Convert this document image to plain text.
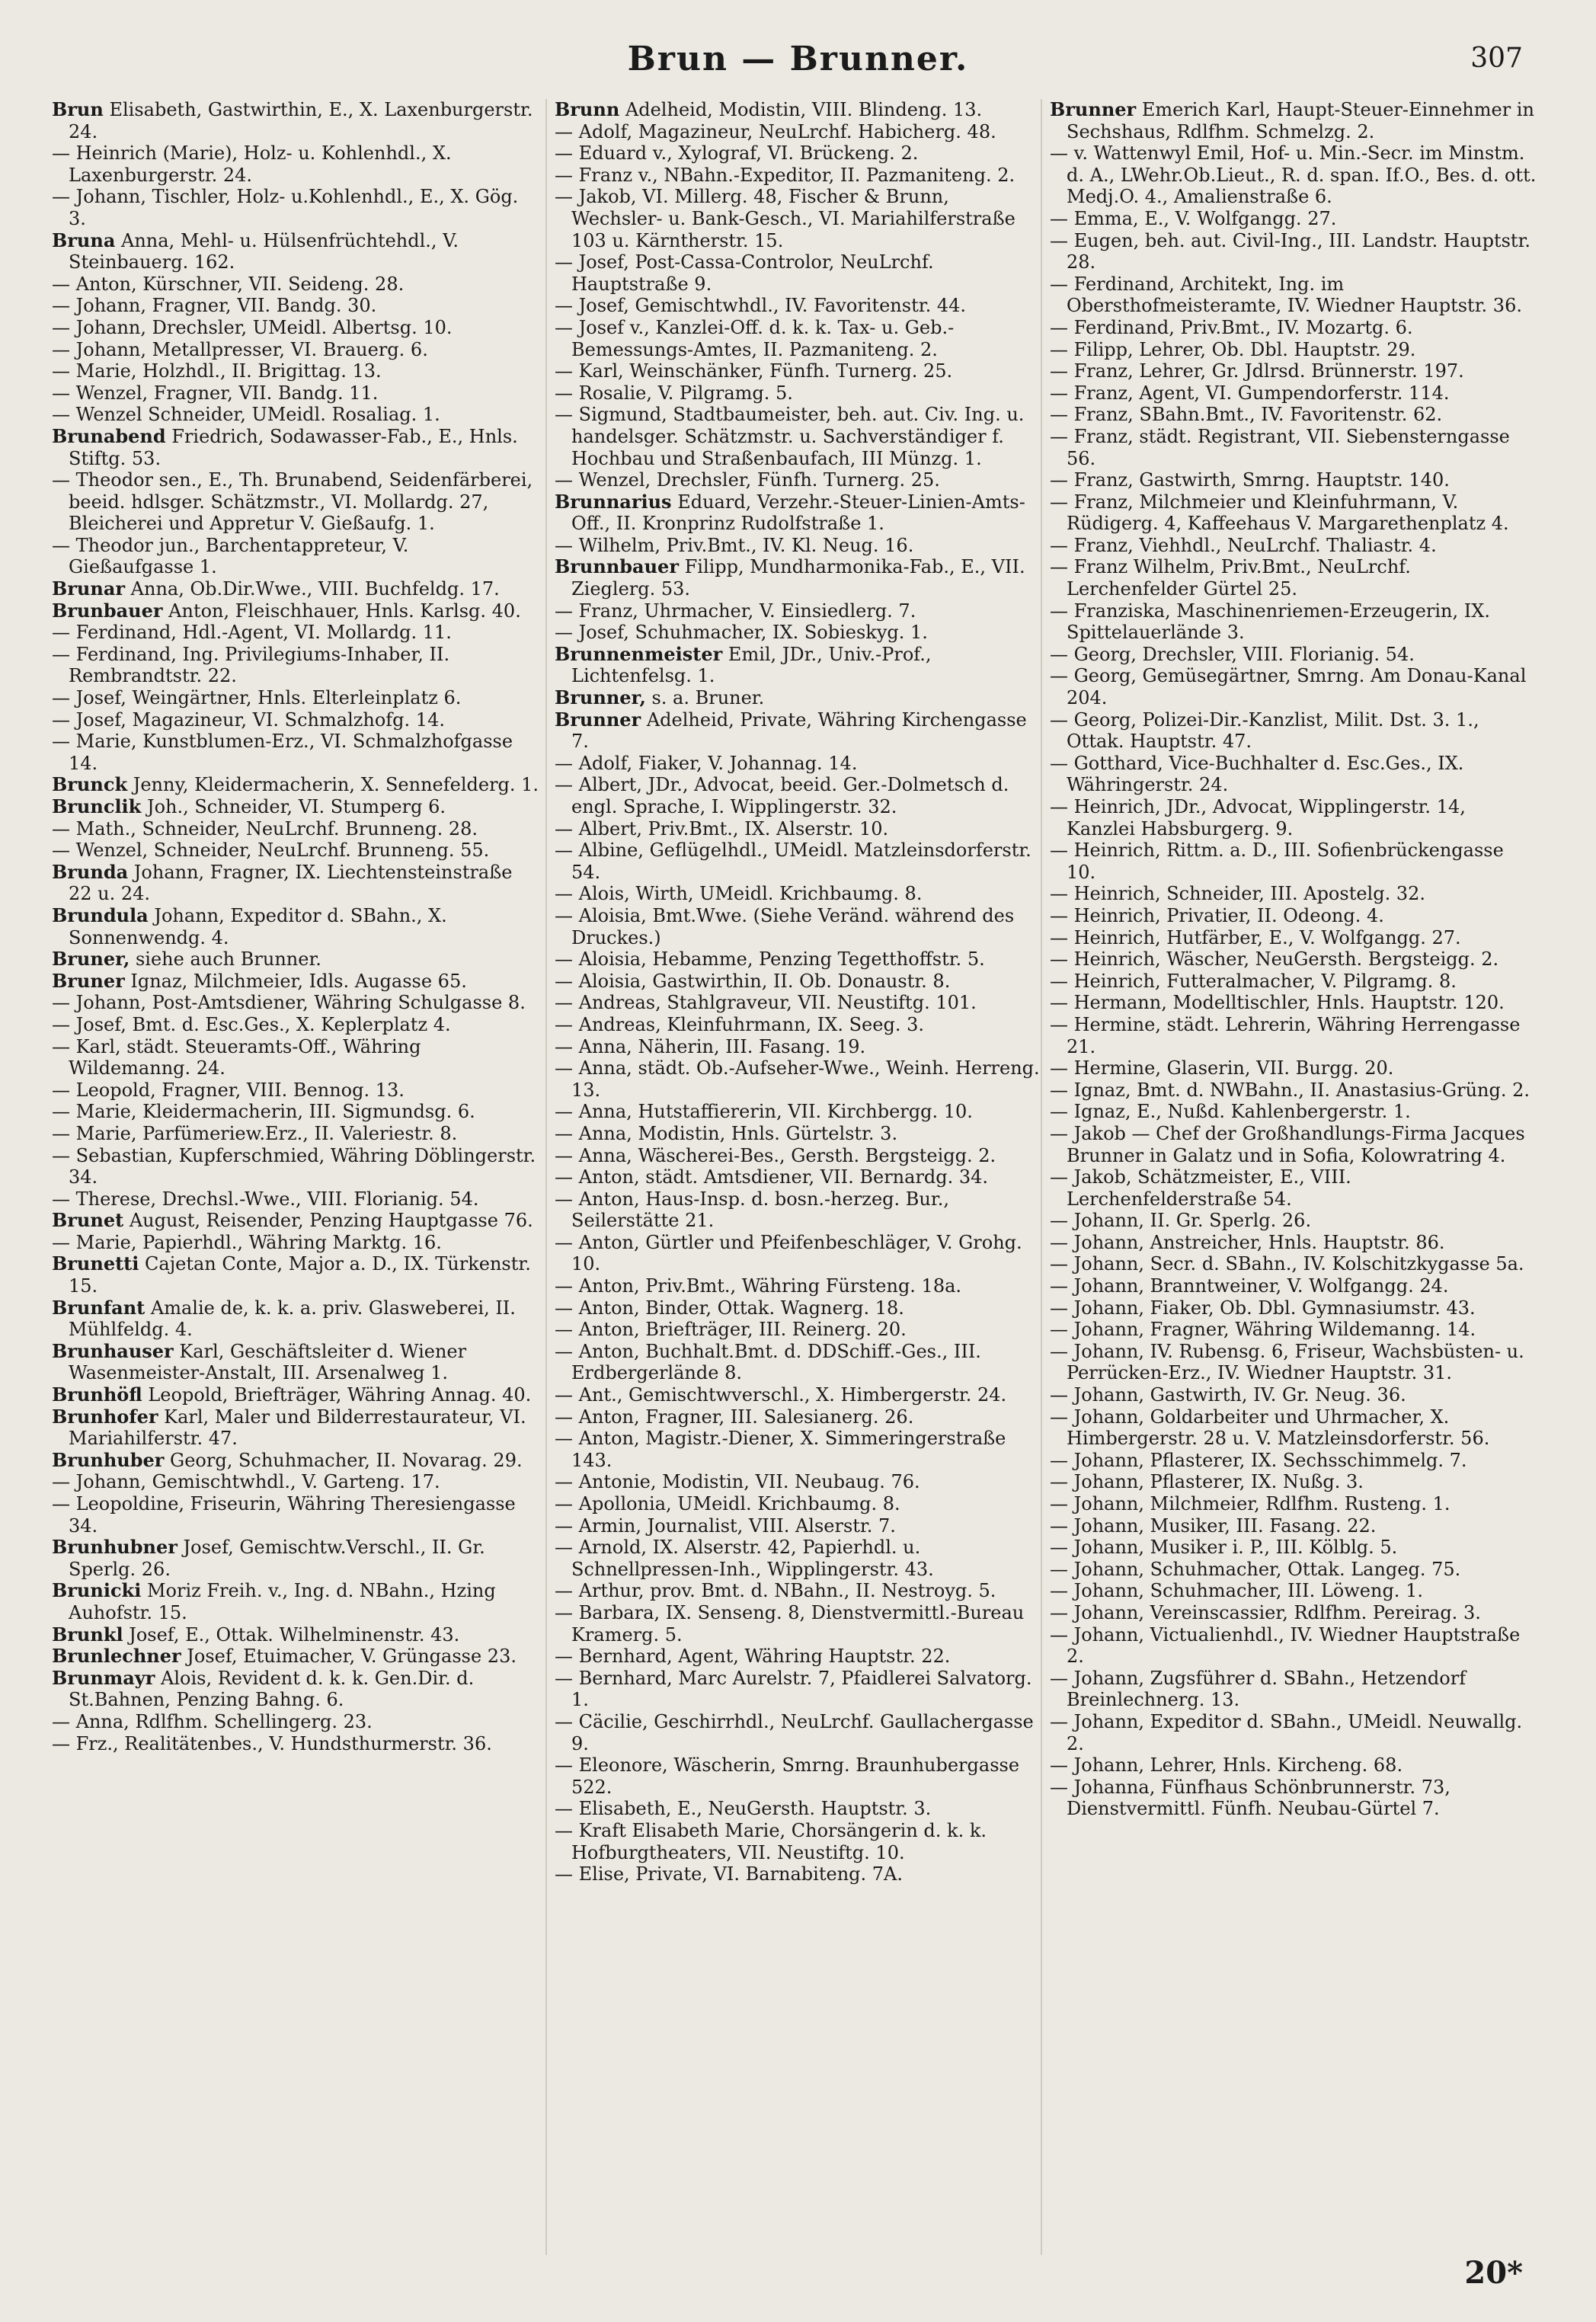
Brun — Brunner.	307

Brun Elisabeth, Gastwirthin, E., X. Laxenburgerstr. 24.

— Heinrich (Marie), Holz- u. Kohlenhdl., X. Laxenburgerstr. 24.

— Johann, Tischler, Holz- u.Kohlenhdl., E., X. Gög. 3.

Bruna Anna, Mehl- u. Hülsenfrüchtehdl., V. Steinbauerg. 162.

— Anton, Kürschner, VII. Seideng. 28.

— Johann, Fragner, VII. Bandg. 30.

— Johann, Drechsler, UMeidl. Albertsg. 10.

— Johann, Metallpresser, VI. Brauerg. 6.

— Marie, Holzhdl., II. Brigittag. 13.

— Wenzel, Fragner, VII. Bandg. 11.

— Wenzel Schneider, UMeidl. Rosaliag. 1.

Brunabend Friedrich, Sodawasser-Fab., E., Hnls. Stiftg. 53.

— Theodor sen., E., Th. Brunabend, Seidenfärberei, beeid. hdlsger. Schätzmstr., VI. Mollardg. 27, Bleicherei und Appretur V. Gießaufg. 1.

— Theodor jun., Barchentappreteur, V. Gießaufgasse 1.

Brunar Anna, Ob.Dir.Wwe., VIII. Buchfeldg. 17.

Brunbauer Anton, Fleischhauer, Hnls. Karlsg. 40.

— Ferdinand, Hdl.-Agent, VI. Mollardg. 11.

— Ferdinand, Ing. Privilegiums-Inhaber, II. Rembrandtstr. 22.

— Josef, Weingärtner, Hnls. Elterleinplatz 6.

— Josef, Magazineur, VI. Schmalzhofg. 14.

— Marie, Kunstblumen-Erz., VI. Schmalzhofgasse 14.

Brunck Jenny, Kleidermacherin, X. Sennefelderg. 1.

Brunclik Joh., Schneider, VI. Stumperg 6.

— Math., Schneider, NeuLrchf. Brunneng. 28.

— Wenzel, Schneider, NeuLrchf. Brunneng. 55.

Brunda Johann, Fragner, IX. Liechtensteinstraße 22 u. 24.

Brundula Johann, Expeditor d. SBahn., X. Sonnenwendg. 4.

Bruner, siehe auch Brunner.

Bruner Ignaz, Milchmeier, Idls. Augasse 65.

— Johann, Post-Amtsdiener, Währing Schulgasse 8.

— Josef, Bmt. d. Esc.Ges., X. Keplerplatz 4.

— Karl, städt. Steueramts-Off., Währing Wildemanng. 24.

— Leopold, Fragner, VIII. Bennog. 13.

— Marie, Kleidermacherin, III. Sigmundsg. 6.

— Marie, Parfümeriew.Erz., II. Valeriestr. 8.

— Sebastian, Kupferschmied, Währing Döblingerstr. 34.

— Therese, Drechsl.-Wwe., VIII. Florianig. 54.

Brunet August, Reisender, Penzing Hauptgasse 76.

— Marie, Papierhdl., Währing Marktg. 16.

Brunetti Cajetan Conte, Major a. D., IX. Türkenstr. 15.

Brunfant Amalie de, k. k. a. priv. Glasweberei, II. Mühlfeldg. 4.

Brunhauser Karl, Geschäftsleiter d. Wiener Wasenmeister-Anstalt, III. Arsenalweg 1.

Brunhöfl Leopold, Briefträger, Währing Annag. 40.

Brunhofer Karl, Maler und Bilderrestaurateur, VI. Mariahilferstr. 47.

Brunhuber Georg, Schuhmacher, II. Novarag. 29.

— Johann, Gemischtwhdl., V. Garteng. 17.

— Leopoldine, Friseurin, Währing Theresiengasse 34.

Brunhubner Josef, Gemischtw.Verschl., II. Gr. Sperlg. 26.

Brunicki Moriz Freih. v., Ing. d. NBahn., Hzing Auhofstr. 15.

Brunkl Josef, E., Ottak. Wilhelminenstr. 43.

Brunlechner Josef, Etuimacher, V. Grüngasse 23.

Brunmayr Alois, Revident d. k. k. Gen.Dir. d. St.Bahnen, Penzing Bahng. 6.

— Anna, Rdlfhm. Schellingerg. 23.

— Frz., Realitätenbes., V. Hundsthurmerstr. 36.

Brunn Adelheid, Modistin, VIII. Blindeng. 13.

— Adolf, Magazineur, NeuLrchf. Habicherg. 48.

— Eduard v., Xylograf, VI. Brückeng. 2.

— Franz v., NBahn.-Expeditor, II. Pazmaniteng. 2.

— Jakob, VI. Millerg. 48, Fischer & Brunn, Wechsler- u. Bank-Gesch., VI. Mariahilferstraße 103 u. Kärntherstr. 15.

— Josef, Post-Cassa-Controlor, NeuLrchf. Hauptstraße 9.

— Josef, Gemischtwhdl., IV. Favoritenstr. 44.

— Josef v., Kanzlei-Off. d. k. k. Tax- u. Geb.-Bemessungs-Amtes, II. Pazmaniteng. 2.

— Karl, Weinschänker, Fünfh. Turnerg. 25.

— Rosalie, V. Pilgramg. 5.

— Sigmund, Stadtbaumeister, beh. aut. Civ. Ing. u. handelsger. Schätzmstr. u. Sachverständiger f. Hochbau und Straßenbaufach, III Münzg. 1.

— Wenzel, Drechsler, Fünfh. Turnerg. 25.

Brunnarius Eduard, Verzehr.-Steuer-Linien-Amts-Off., II. Kronprinz Rudolfstraße 1.

— Wilhelm, Priv.Bmt., IV. Kl. Neug. 16.

Brunnbauer Filipp, Mundharmonika-Fab., E., VII. Zieglerg. 53.

— Franz, Uhrmacher, V. Einsiedlerg. 7.

— Josef, Schuhmacher, IX. Sobieskyg. 1.

Brunnenmeister Emil, JDr., Univ.-Prof., Lichtenfelsg. 1.

Brunner, s. a. Bruner.

Brunner Adelheid, Private, Währing Kirchengasse 7.

— Adolf, Fiaker, V. Johannag. 14.

— Albert, JDr., Advocat, beeid. Ger.-Dolmetsch d. engl. Sprache, I. Wipplingerstr. 32.

— Albert, Priv.Bmt., IX. Alserstr. 10.

— Albine, Geflügelhdl., UMeidl. Matzleinsdorferstr. 54.

— Alois, Wirth, UMeidl. Krichbaumg. 8.

— Aloisia, Bmt.Wwe. (Siehe Veränd. während des Druckes.)

— Aloisia, Hebamme, Penzing Tegetthoffstr. 5.

— Aloisia, Gastwirthin, II. Ob. Donaustr. 8.

— Andreas, Stahlgraveur, VII. Neustiftg. 101.

— Andreas, Kleinfuhrmann, IX. Seeg. 3.

— Anna, Näherin, III. Fasang. 19.

— Anna, städt. Ob.-Aufseher-Wwe., Weinh. Herreng. 13.

— Anna, Hutstaffiererin, VII. Kirchbergg. 10.

— Anna, Modistin, Hnls. Gürtelstr. 3.

— Anna, Wäscherei-Bes., Gersth. Bergsteigg. 2.

— Anton, städt. Amtsdiener, VII. Bernardg. 34.

— Anton, Haus-Insp. d. bosn.-herzeg. Bur., Seilerstätte 21.

— Anton, Gürtler und Pfeifenbeschläger, V. Grohg. 10.

— Anton, Priv.Bmt., Währing Fürsteng. 18a.

— Anton, Binder, Ottak. Wagnerg. 18.

— Anton, Briefträger, III. Reinerg. 20.

— Anton, Buchhalt.Bmt. d. DDSchiff.-Ges., III. Erdbergerlände 8.

— Ant., Gemischtwverschl., X. Himbergerstr. 24.

— Anton, Fragner, III. Salesianerg. 26.

— Anton, Magistr.-Diener, X. Simmeringerstraße 143.

— Antonie, Modistin, VII. Neubaug. 76.

— Apollonia, UMeidl. Krichbaumg. 8.

— Armin, Journalist, VIII. Alserstr. 7.

— Arnold, IX. Alserstr. 42, Papierhdl. u. Schnellpressen-Inh., Wipplingerstr. 43.

— Arthur, prov. Bmt. d. NBahn., II. Nestroyg. 5.

— Barbara, IX. Senseng. 8, Dienstvermittl.-Bureau Kramerg. 5.

— Bernhard, Agent, Währing Hauptstr. 22.

— Bernhard, Marc Aurelstr. 7, Pfaidlerei Salvatorg. 1.

— Cäcilie, Geschirrhdl., NeuLrchf. Gaullachergasse 9.

— Eleonore, Wäscherin, Smrng. Braunhubergasse 522.

— Elisabeth, E., NeuGersth. Hauptstr. 3.

— Kraft Elisabeth Marie, Chorsängerin d. k. k. Hofburgtheaters, VII. Neustiftg. 10.

— Elise, Private, VI. Barnabiteng. 7A.

Brunner Emerich Karl, Haupt-Steuer-Einnehmer in Sechshaus, Rdlfhm. Schmelzg. 2.

— v. Wattenwyl Emil, Hof- u. Min.-Secr. im Minstm. d. A., LWehr.Ob.Lieut., R. d. span. If.O., Bes. d. ott. Medj.O. 4., Amalienstraße 6.

— Emma, E., V. Wolfgangg. 27.

— Eugen, beh. aut. Civil-Ing., III. Landstr. Hauptstr. 28.

— Ferdinand, Architekt, Ing. im Obersthofmeisteramte, IV. Wiedner Hauptstr. 36.

— Ferdinand, Priv.Bmt., IV. Mozartg. 6.

— Filipp, Lehrer, Ob. Dbl. Hauptstr. 29.

— Franz, Lehrer, Gr. Jdlrsd. Brünnerstr. 197.

— Franz, Agent, VI. Gumpendorferstr. 114.

— Franz, SBahn.Bmt., IV. Favoritenstr. 62.

— Franz, städt. Registrant, VII. Siebensterngasse 56.

— Franz, Gastwirth, Smrng. Hauptstr. 140.

— Franz, Milchmeier und Kleinfuhrmann, V. Rüdigerg. 4, Kaffeehaus V. Margarethenplatz 4.

— Franz, Viehhdl., NeuLrchf. Thaliastr. 4.

— Franz Wilhelm, Priv.Bmt., NeuLrchf. Lerchenfelder Gürtel 25.

— Franziska, Maschinenriemen-Erzeugerin, IX. Spittelauerlände 3.

— Georg, Drechsler, VIII. Florianig. 54.

— Georg, Gemüsegärtner, Smrng. Am Donau-Kanal 204.

— Georg, Polizei-Dir.-Kanzlist, Milit. Dst. 3. 1., Ottak. Hauptstr. 47.

— Gotthard, Vice-Buchhalter d. Esc.Ges., IX. Währingerstr. 24.

— Heinrich, JDr., Advocat, Wipplingerstr. 14, Kanzlei Habsburgerg. 9.

— Heinrich, Rittm. a. D., III. Sofienbrückengasse 10.

— Heinrich, Schneider, III. Apostelg. 32.

— Heinrich, Privatier, II. Odeong. 4.

— Heinrich, Hutfärber, E., V. Wolfgangg. 27.

— Heinrich, Wäscher, NeuGersth. Bergsteigg. 2.

— Heinrich, Futteralmacher, V. Pilgramg. 8.

— Hermann, Modelltischler, Hnls. Hauptstr. 120.

— Hermine, städt. Lehrerin, Währing Herrengasse 21.

— Hermine, Glaserin, VII. Burgg. 20.

— Ignaz, Bmt. d. NWBahn., II. Anastasius-Grüng. 2.

— Ignaz, E., Nußd. Kahlenbergerstr. 1.

— Jakob — Chef der Großhandlungs-Firma Jacques Brunner in Galatz und in Sofia, Kolowratring 4.

— Jakob, Schätzmeister, E., VIII. Lerchenfelderstraße 54.

— Johann, II. Gr. Sperlg. 26.

— Johann, Anstreicher, Hnls. Hauptstr. 86.

— Johann, Secr. d. SBahn., IV. Kolschitzkygasse 5a.

— Johann, Branntweiner, V. Wolfgangg. 24.

— Johann, Fiaker, Ob. Dbl. Gymnasiumstr. 43.

— Johann, Fragner, Währing Wildemanng. 14.

— Johann, IV. Rubensg. 6, Friseur, Wachsbüsten- u. Perrücken-Erz., IV. Wiedner Hauptstr. 31.

— Johann, Gastwirth, IV. Gr. Neug. 36.

— Johann, Goldarbeiter und Uhrmacher, X. Himbergerstr. 28 u. V. Matzleinsdorferstr. 56.

— Johann, Pflasterer, IX. Sechsschimmelg. 7.

— Johann, Pflasterer, IX. Nußg. 3.

— Johann, Milchmeier, Rdlfhm. Rusteng. 1.

— Johann, Musiker, III. Fasang. 22.

— Johann, Musiker i. P., III. Kölblg. 5.

— Johann, Schuhmacher, Ottak. Langeg. 75.

— Johann, Schuhmacher, III. Löweng. 1.

— Johann, Vereinscassier, Rdlfhm. Pereirag. 3.

— Johann, Victualienhdl., IV. Wiedner Hauptstraße 2.

— Johann, Zugsführer d. SBahn., Hetzendorf Breinlechnerg. 13.

— Johann, Expeditor d. SBahn., UMeidl. Neuwallg. 2.

— Johann, Lehrer, Hnls. Kircheng. 68.

— Johanna, Fünfhaus Schönbrunnerstr. 73, Dienstvermittl. Fünfh. Neubau-Gürtel 7.

20*
